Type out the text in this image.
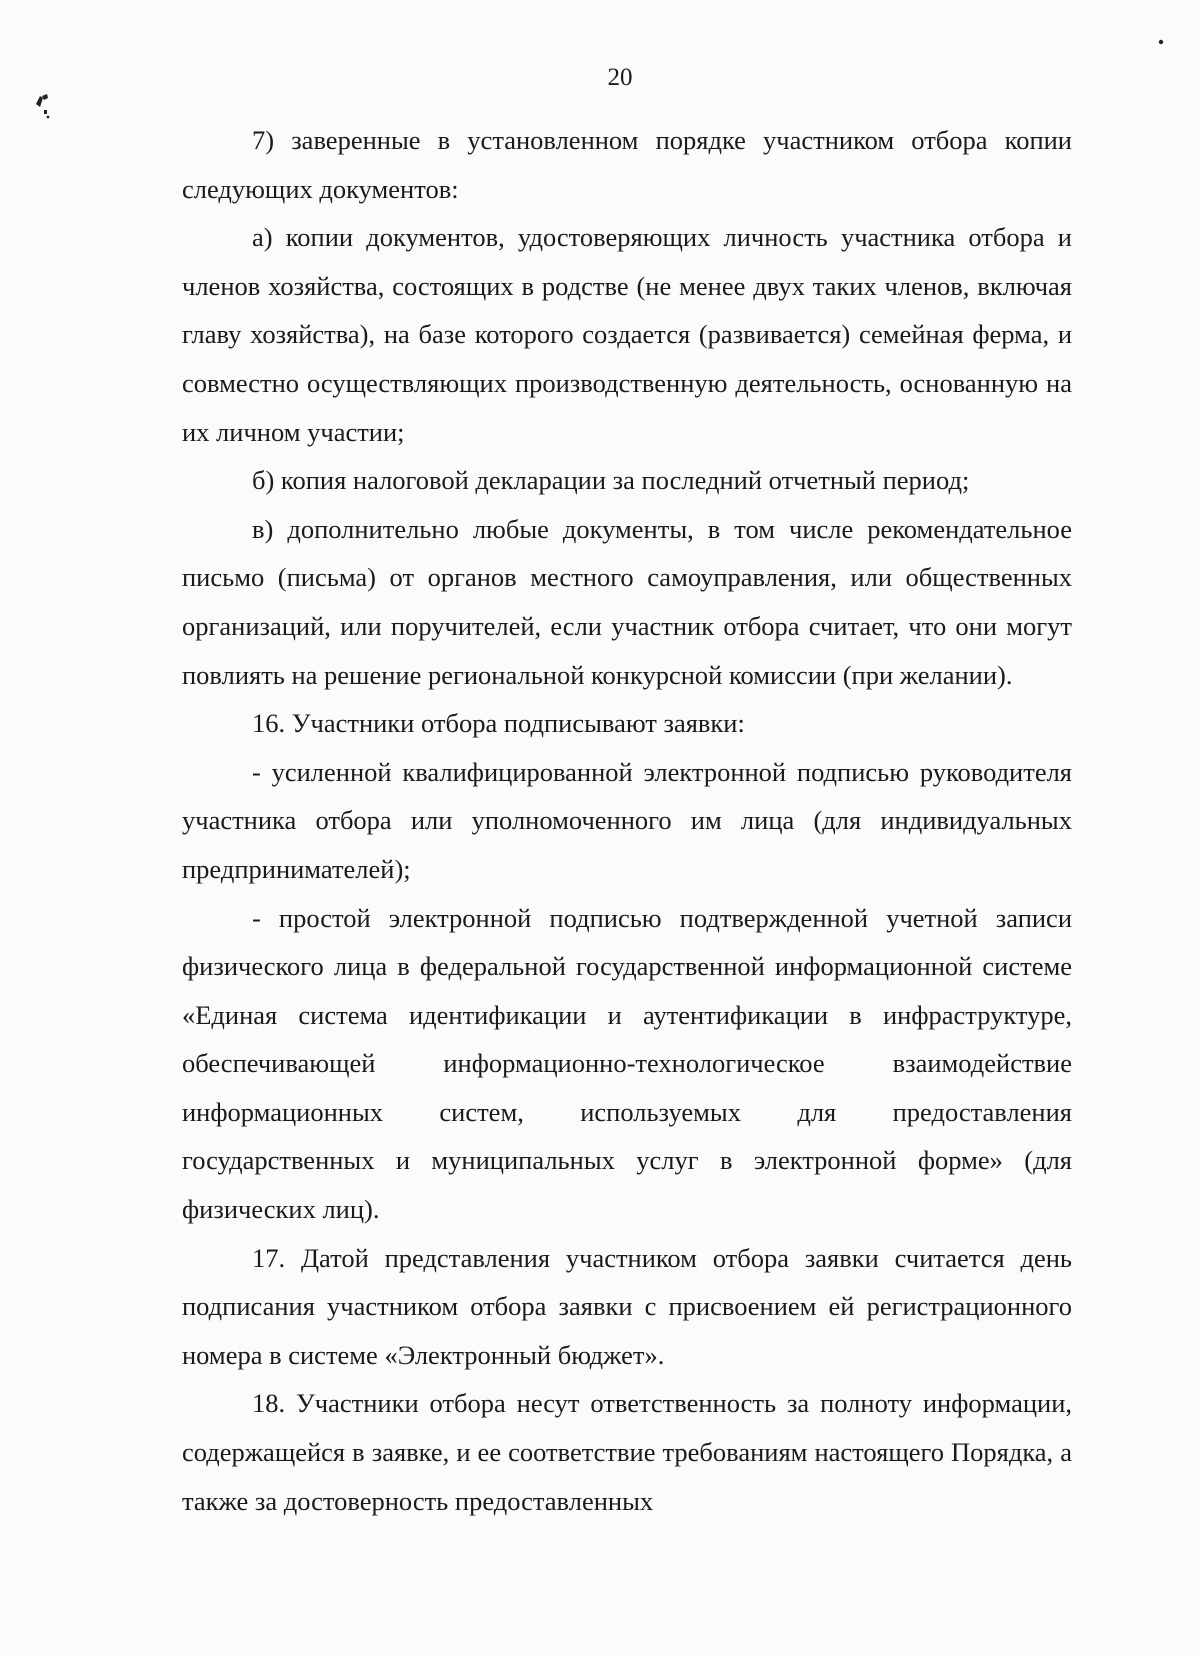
20

7) заверенные в установленном порядке участником отбора копии следующих документов:

а) копии документов, удостоверяющих личность участника отбора и членов хозяйства, состоящих в родстве (не менее двух таких членов, включая главу хозяйства), на базе которого создается (развивается) семейная ферма, и совместно осуществляющих производственную деятельность, основанную на их личном участии;

б) копия налоговой декларации за последний отчетный период;

в) дополнительно любые документы, в том числе рекомендательное письмо (письма) от органов местного самоуправления, или общественных организаций, или поручителей, если участник отбора считает, что они могут повлиять на решение региональной конкурсной комиссии (при желании).

16. Участники отбора подписывают заявки:

- усиленной квалифицированной электронной подписью руководителя участника отбора или уполномоченного им лица (для индивидуальных предпринимателей);

- простой электронной подписью подтвержденной учетной записи физического лица в федеральной государственной информационной системе «Единая система идентификации и аутентификации в инфраструктуре, обеспечивающей информационно-технологическое взаимодействие информационных систем, используемых для предоставления государственных и муниципальных услуг в электронной форме» (для физических лиц).

17. Датой представления участником отбора заявки считается день подписания участником отбора заявки с присвоением ей регистрационного номера в системе «Электронный бюджет».

18. Участники отбора несут ответственность за полноту информации, содержащейся в заявке, и ее соответствие требованиям настоящего Порядка, а также за достоверность предоставленных
